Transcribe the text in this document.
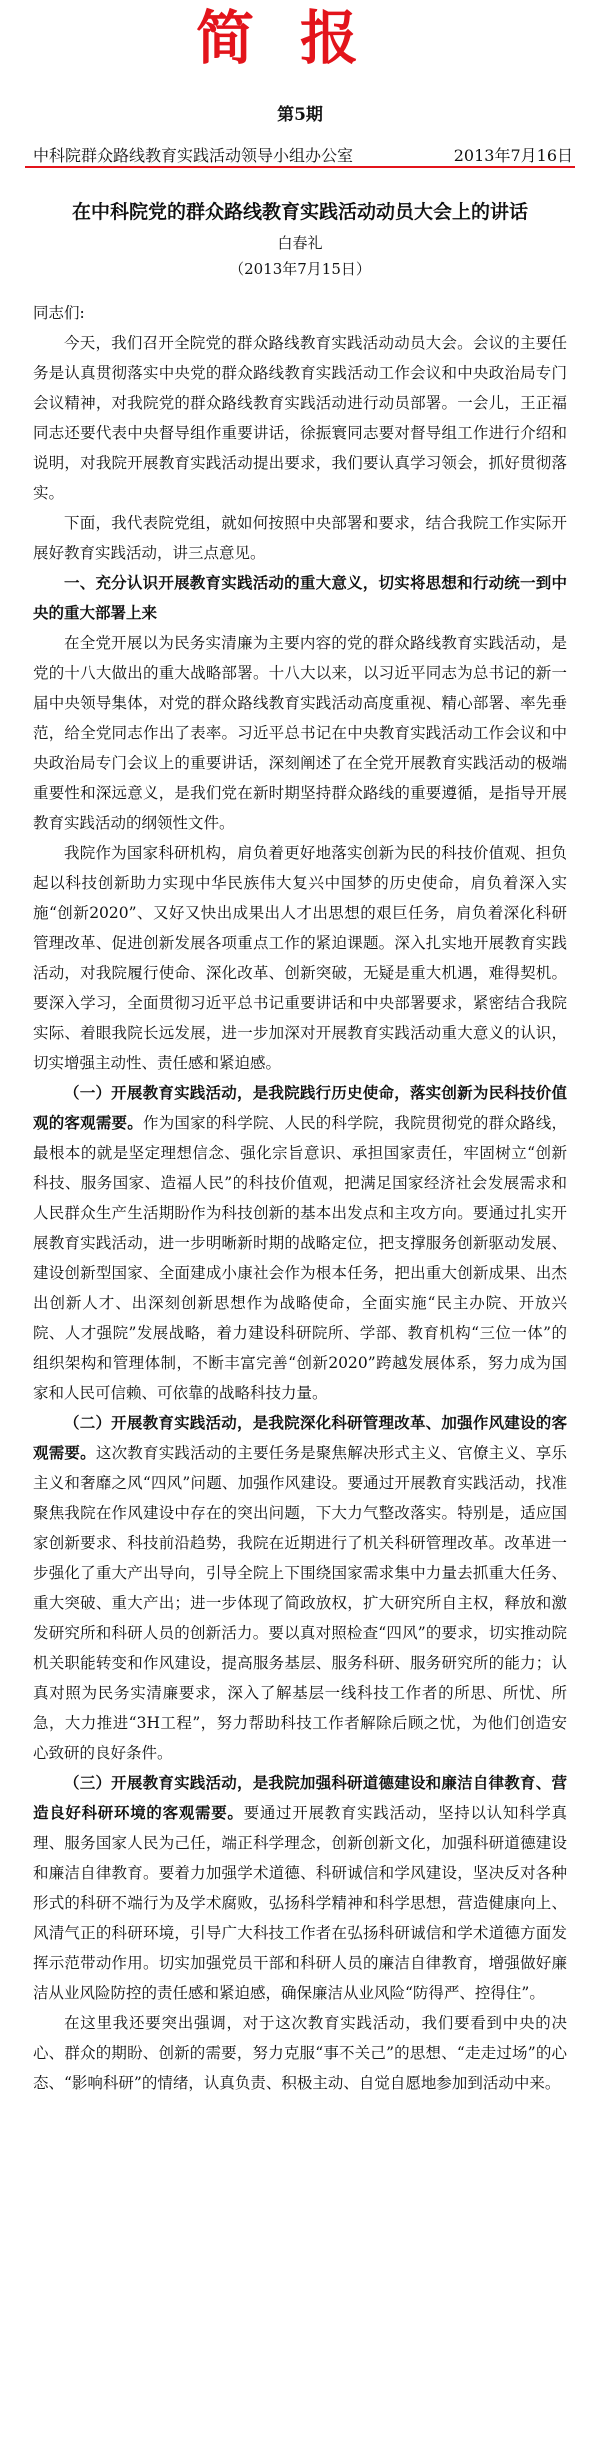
简报
第5期
中科院群众路线教育实践活动领导小组办公室	2013年7月16日
在中科院党的群众路线教育实践活动动员大会上的讲话
白春礼
（2013年7月15日）

同志们:

今天，我们召开全院党的群众路线教育实践活动动员大会。会议的主要任务是认真贯彻落实中央党的群众路线教育实践活动工作会议和中央政治局专门会议精神，对我院党的群众路线教育实践活动进行动员部署。一会儿，王正福同志还要代表中央督导组作重要讲话，徐振寰同志要对督导组工作进行介绍和说明，对我院开展教育实践活动提出要求，我们要认真学习领会，抓好贯彻落实。

下面，我代表院党组，就如何按照中央部署和要求，结合我院工作实际开展好教育实践活动，讲三点意见。

一、充分认识开展教育实践活动的重大意义，切实将思想和行动统一到中央的重大部署上来

在全党开展以为民务实清廉为主要内容的党的群众路线教育实践活动，是党的十八大做出的重大战略部署。十八大以来，以习近平同志为总书记的新一届中央领导集体，对党的群众路线教育实践活动高度重视、精心部署、率先垂范，给全党同志作出了表率。习近平总书记在中央教育实践活动工作会议和中央政治局专门会议上的重要讲话，深刻阐述了在全党开展教育实践活动的极端重要性和深远意义，是我们党在新时期坚持群众路线的重要遵循，是指导开展教育实践活动的纲领性文件。

我院作为国家科研机构，肩负着更好地落实创新为民的科技价值观、担负起以科技创新助力实现中华民族伟大复兴中国梦的历史使命，肩负着深入实施“创新2020”、又好又快出成果出人才出思想的艰巨任务，肩负着深化科研管理改革、促进创新发展各项重点工作的紧迫课题。深入扎实地开展教育实践活动，对我院履行使命、深化改革、创新突破，无疑是重大机遇，难得契机。要深入学习，全面贯彻习近平总书记重要讲话和中央部署要求，紧密结合我院实际、着眼我院长远发展，进一步加深对开展教育实践活动重大意义的认识，切实增强主动性、责任感和紧迫感。

（一）开展教育实践活动，是我院践行历史使命，落实创新为民科技价值观的客观需要。作为国家的科学院、人民的科学院，我院贯彻党的群众路线，最根本的就是坚定理想信念、强化宗旨意识、承担国家责任，牢固树立“创新科技、服务国家、造福人民”的科技价值观，把满足国家经济社会发展需求和人民群众生产生活期盼作为科技创新的基本出发点和主攻方向。要通过扎实开展教育实践活动，进一步明晰新时期的战略定位，把支撑服务创新驱动发展、建设创新型国家、全面建成小康社会作为根本任务，把出重大创新成果、出杰出创新人才、出深刻创新思想作为战略使命，全面实施“民主办院、开放兴院、人才强院”发展战略，着力建设科研院所、学部、教育机构“三位一体”的组织架构和管理体制，不断丰富完善“创新2020”跨越发展体系，努力成为国家和人民可信赖、可依靠的战略科技力量。

（二）开展教育实践活动，是我院深化科研管理改革、加强作风建设的客观需要。这次教育实践活动的主要任务是聚焦解决形式主义、官僚主义、享乐主义和奢靡之风“四风”问题、加强作风建设。要通过开展教育实践活动，找准聚焦我院在作风建设中存在的突出问题，下大力气整改落实。特别是，适应国家创新要求、科技前沿趋势，我院在近期进行了机关科研管理改革。改革进一步强化了重大产出导向，引导全院上下围绕国家需求集中力量去抓重大任务、重大突破、重大产出；进一步体现了简政放权，扩大研究所自主权，释放和激发研究所和科研人员的创新活力。要以真对照检查“四风”的要求，切实推动院机关职能转变和作风建设，提高服务基层、服务科研、服务研究所的能力；认真对照为民务实清廉要求，深入了解基层一线科技工作者的所思、所忧、所急，大力推进“3H工程”，努力帮助科技工作者解除后顾之忧，为他们创造安心致研的良好条件。

（三）开展教育实践活动，是我院加强科研道德建设和廉洁自律教育、营造良好科研环境的客观需要。要通过开展教育实践活动，坚持以认知科学真理、服务国家人民为己任，端正科学理念，创新创新文化，加强科研道德建设和廉洁自律教育。要着力加强学术道德、科研诚信和学风建设，坚决反对各种形式的科研不端行为及学术腐败，弘扬科学精神和科学思想，营造健康向上、风清气正的科研环境，引导广大科技工作者在弘扬科研诚信和学术道德方面发挥示范带动作用。切实加强党员干部和科研人员的廉洁自律教育，增强做好廉洁从业风险防控的责任感和紧迫感，确保廉洁从业风险“防得严、控得住”。

在这里我还要突出强调，对于这次教育实践活动，我们要看到中央的决心、群众的期盼、创新的需要，努力克服“事不关己”的思想、“走走过场”的心态、“影响科研”的情绪，认真负责、积极主动、自觉自愿地参加到活动中来。
